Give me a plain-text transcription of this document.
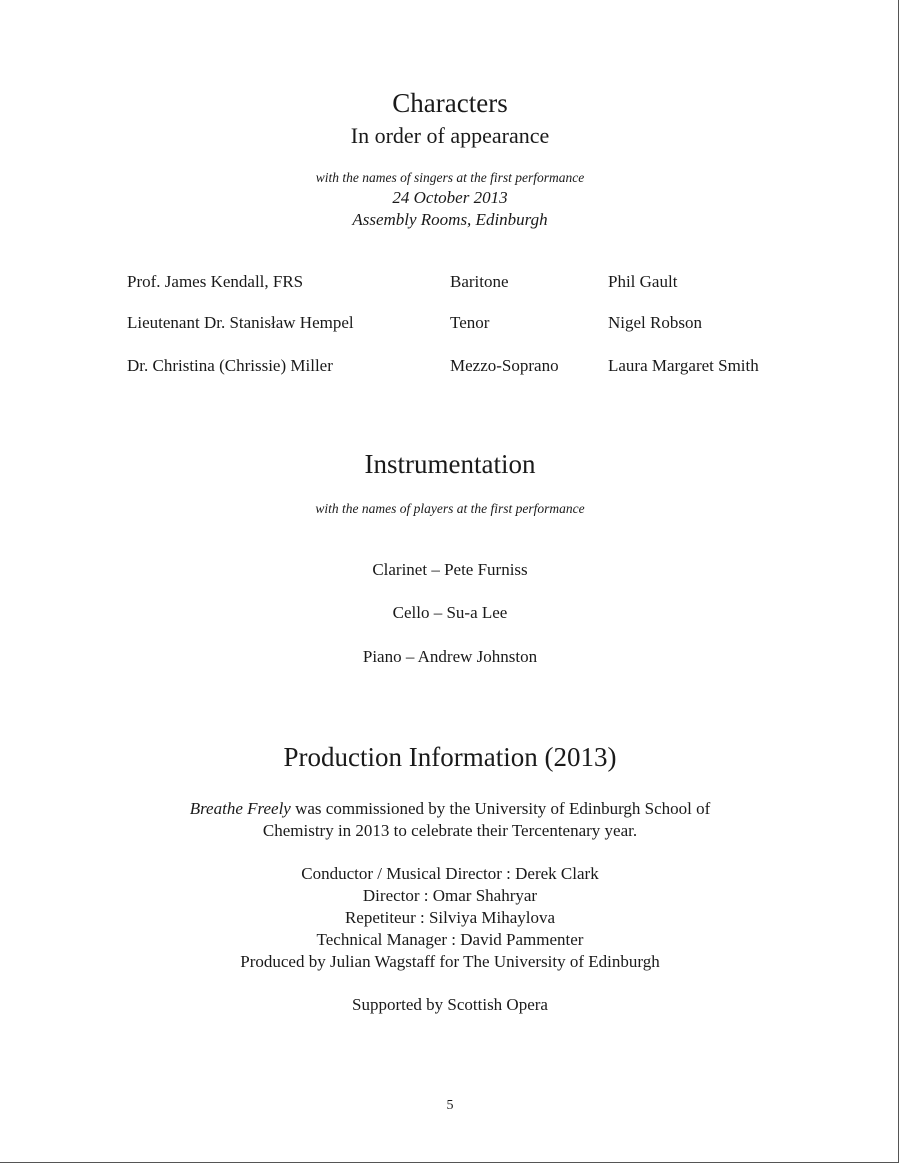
Characters
In order of appearance
with the names of singers at the first performance
24 October 2013
Assembly Rooms, Edinburgh
Prof. James Kendall, FRS	Baritone	Phil Gault
Lieutenant Dr. Stanisław Hempel	Tenor	Nigel Robson
Dr. Christina (Chrissie) Miller	Mezzo-Soprano	Laura Margaret Smith
Instrumentation
with the names of players at the first performance
Clarinet – Pete Furniss
Cello – Su-a Lee
Piano – Andrew Johnston
Production Information (2013)
Breathe Freely was commissioned by the University of Edinburgh School of
Chemistry in 2013 to celebrate their Tercentenary year.
Conductor / Musical Director : Derek Clark
Director : Omar Shahryar
Repetiteur : Silviya Mihaylova
Technical Manager : David Pammenter
Produced by Julian Wagstaff for The University of Edinburgh
Supported by Scottish Opera
5
